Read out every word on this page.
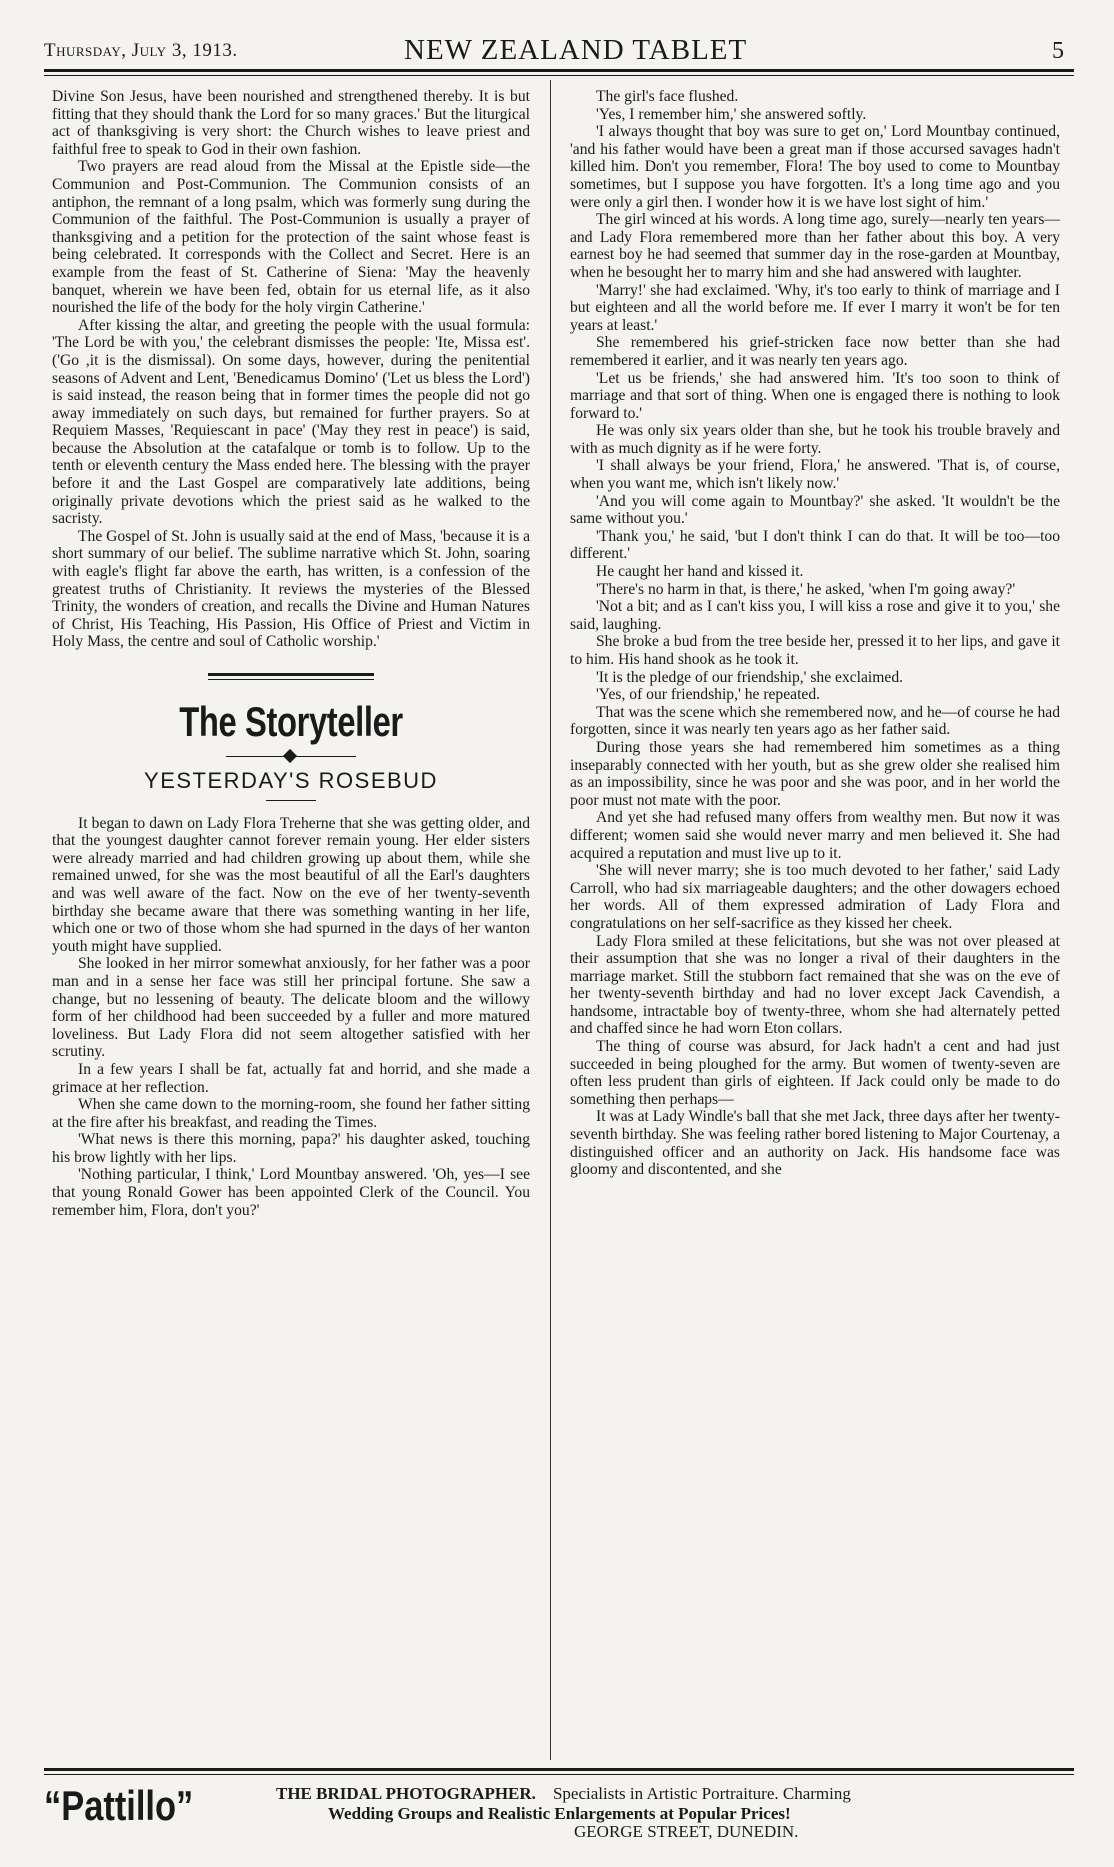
Thursday, July 3, 1913.	NEW ZEALAND TABLET	5

Divine Son Jesus, have been nourished and strengthened thereby. It is but fitting that they should thank the Lord for so many graces.' But the liturgical act of thanksgiving is very short: the Church wishes to leave priest and faithful free to speak to God in their own fashion.

Two prayers are read aloud from the Missal at the Epistle side—the Communion and Post-Communion. The Communion consists of an antiphon, the remnant of a long psalm, which was formerly sung during the Communion of the faithful. The Post-Communion is usually a prayer of thanksgiving and a petition for the protection of the saint whose feast is being celebrated. It corresponds with the Collect and Secret. Here is an example from the feast of St. Catherine of Siena: 'May the heavenly banquet, wherein we have been fed, obtain for us eternal life, as it also nourished the life of the body for the holy virgin Catherine.'

After kissing the altar, and greeting the people with the usual formula: 'The Lord be with you,' the celebrant dismisses the people: 'Ite, Missa est'.('Go ,it is the dismissal). On some days, however, during the penitential seasons of Advent and Lent, 'Benedicamus Domino' ('Let us bless the Lord') is said instead, the reason being that in former times the people did not go away immediately on such days, but remained for further prayers. So at Requiem Masses, 'Requiescant in pace' ('May they rest in peace') is said, because the Absolution at the catafalque or tomb is to follow. Up to the tenth or eleventh century the Mass ended here. The blessing with the prayer before it and the Last Gospel are comparatively late additions, being originally private devotions which the priest said as he walked to the sacristy.

The Gospel of St. John is usually said at the end of Mass, 'because it is a short summary of our belief. The sublime narrative which St. John, soaring with eagle's flight far above the earth, has written, is a confession of the greatest truths of Christianity. It reviews the mysteries of the Blessed Trinity, the wonders of creation, and recalls the Divine and Human Natures of Christ, His Teaching, His Passion, His Office of Priest and Victim in Holy Mass, the centre and soul of Catholic worship.'

The Storyteller
YESTERDAY'S ROSEBUD

It began to dawn on Lady Flora Treherne that she was getting older, and that the youngest daughter cannot forever remain young. Her elder sisters were already married and had children growing up about them, while she remained unwed, for she was the most beautiful of all the Earl's daughters and was well aware of the fact. Now on the eve of her twenty-seventh birthday she became aware that there was something wanting in her life, which one or two of those whom she had spurned in the days of her wanton youth might have supplied.

She looked in her mirror somewhat anxiously, for her father was a poor man and in a sense her face was still her principal fortune. She saw a change, but no lessening of beauty. The delicate bloom and the willowy form of her childhood had been succeeded by a fuller and more matured loveliness. But Lady Flora did not seem altogether satisfied with her scrutiny.

In a few years I shall be fat, actually fat and horrid, and she made a grimace at her reflection.

When she came down to the morning-room, she found her father sitting at the fire after his breakfast, and reading the Times.

'What news is there this morning, papa?' his daughter asked, touching his brow lightly with her lips.

'Nothing particular, I think,' Lord Mountbay answered. 'Oh, yes—I see that young Ronald Gower has been appointed Clerk of the Council. You remember him, Flora, don't you?'

The girl's face flushed.

'Yes, I remember him,' she answered softly.

'I always thought that boy was sure to get on,' Lord Mountbay continued, 'and his father would have been a great man if those accursed savages hadn't killed him. Don't you remember, Flora! The boy used to come to Mountbay sometimes, but I suppose you have forgotten. It's a long time ago and you were only a girl then. I wonder how it is we have lost sight of him.'

The girl winced at his words. A long time ago, surely—nearly ten years—and Lady Flora remembered more than her father about this boy. A very earnest boy he had seemed that summer day in the rose-garden at Mountbay, when he besought her to marry him and she had answered with laughter.

'Marry!' she had exclaimed. 'Why, it's too early to think of marriage and I but eighteen and all the world before me. If ever I marry it won't be for ten years at least.'

She remembered his grief-stricken face now better than she had remembered it earlier, and it was nearly ten years ago.

'Let us be friends,' she had answered him. 'It's too soon to think of marriage and that sort of thing. When one is engaged there is nothing to look forward to.'

He was only six years older than she, but he took his trouble bravely and with as much dignity as if he were forty.

'I shall always be your friend, Flora,' he answered. 'That is, of course, when you want me, which isn't likely now.'

'And you will come again to Mountbay?' she asked. 'It wouldn't be the same without you.'

'Thank you,' he said, 'but I don't think I can do that. It will be too—too different.'

He caught her hand and kissed it.

'There's no harm in that, is there,' he asked, 'when I'm going away?'

'Not a bit; and as I can't kiss you, I will kiss a rose and give it to you,' she said, laughing.

She broke a bud from the tree beside her, pressed it to her lips, and gave it to him. His hand shook as he took it.

'It is the pledge of our friendship,' she exclaimed.

'Yes, of our friendship,' he repeated.

That was the scene which she remembered now, and he—of course he had forgotten, since it was nearly ten years ago as her father said.

During those years she had remembered him sometimes as a thing inseparably connected with her youth, but as she grew older she realised him as an impossibility, since he was poor and she was poor, and in her world the poor must not mate with the poor.

And yet she had refused many offers from wealthy men. But now it was different; women said she would never marry and men believed it. She had acquired a reputation and must live up to it.

'She will never marry; she is too much devoted to her father,' said Lady Carroll, who had six marriageable daughters; and the other dowagers echoed her words. All of them expressed admiration of Lady Flora and congratulations on her self-sacrifice as they kissed her cheek.

Lady Flora smiled at these felicitations, but she was not over pleased at their assumption that she was no longer a rival of their daughters in the marriage market. Still the stubborn fact remained that she was on the eve of her twenty-seventh birthday and had no lover except Jack Cavendish, a handsome, intractable boy of twenty-three, whom she had alternately petted and chaffed since he had worn Eton collars.

The thing of course was absurd, for Jack hadn't a cent and had just succeeded in being ploughed for the army. But women of twenty-seven are often less prudent than girls of eighteen. If Jack could only be made to do something then perhaps—

It was at Lady Windle's ball that she met Jack, three days after her twenty-seventh birthday. She was feeling rather bored listening to Major Courtenay, a distinguished officer and an authority on Jack. His handsome face was gloomy and discontented, and she

“Pattillo”	THE BRIDAL PHOTOGRAPHER. Specialists in Artistic Portraiture. Charming
Wedding Groups and Realistic Enlargements at Popular Prices!
GEORGE STREET, DUNEDIN.
